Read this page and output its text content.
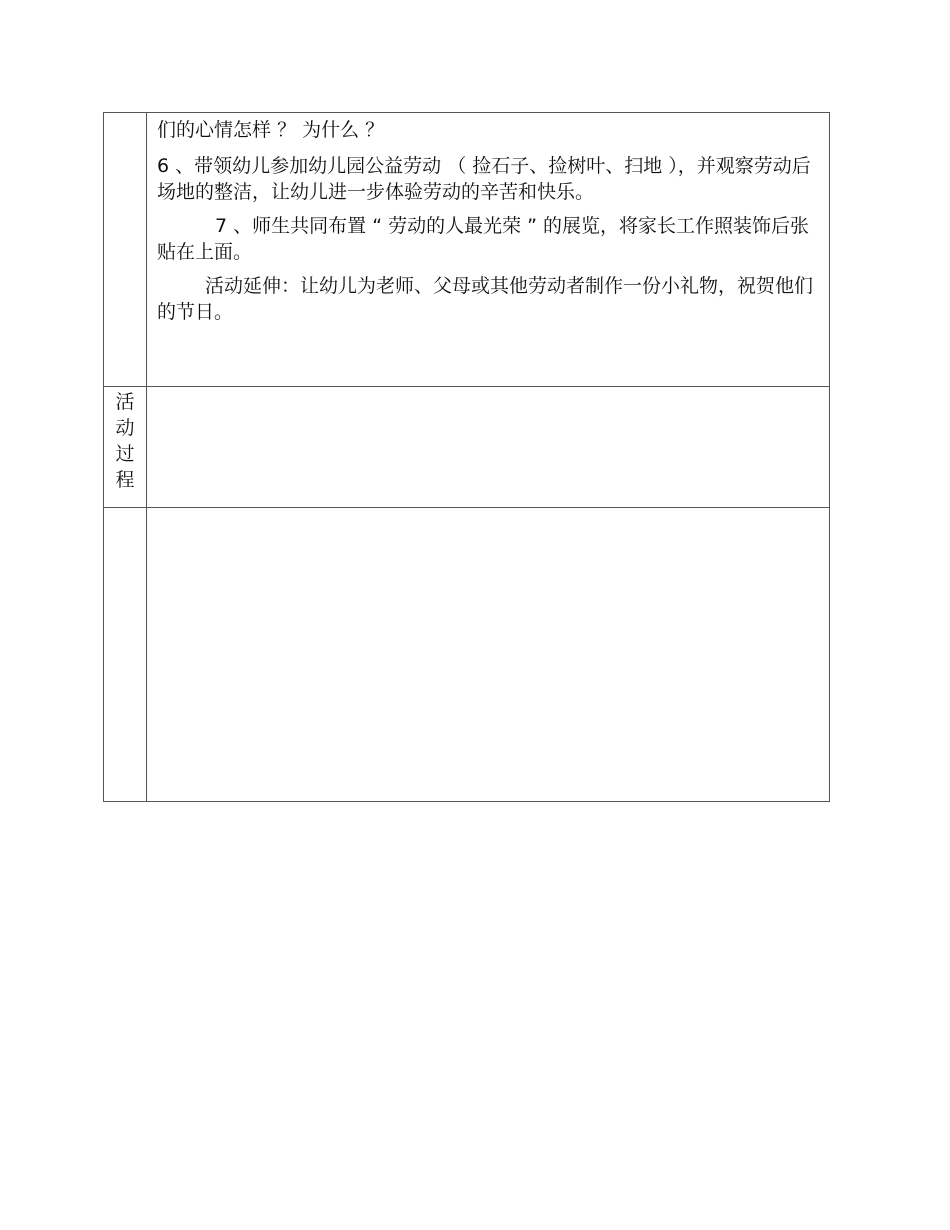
	们的心情怎样 ？ 为什么 ？

6 、带领幼儿参加幼儿园公益劳动 （ 捡石子、捡树叶、扫地 ），并观察劳动后场地的整洁，让幼儿进一步体验劳动的辛苦和快乐。

7 、师生共同布置 “ 劳动的人最光荣 ” 的展览，将家长工作照装饰后张贴在上面。

活动延伸：让幼儿为老师、父母或其他劳动者制作一份小礼物，祝贺他们的节日。

活动过程	
